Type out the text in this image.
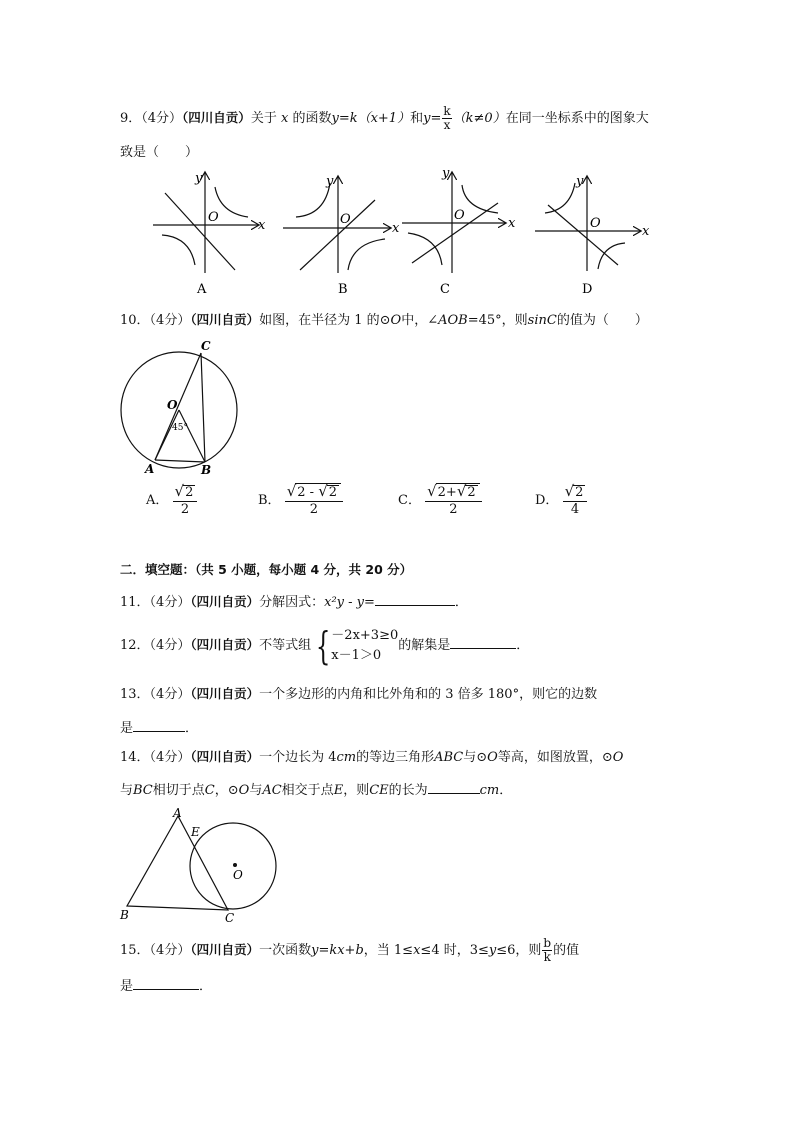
9．（4分）（四川自贡）关于 x 的函数y=k（x+1）和$y= \frac{k}{x} (k\ne 0)$在同一坐标系中的图象大
致是（　　）
x
y
O
A
x
y
O
B
x
y
O
C
x
y
O
D
10．（4分）（四川自贡）如图，在半径为 1 的⊙O中，∠AOB=45°，则sinC的值为（　　）
C
O
45°
A	B
A． $\frac{√2}{2}$	B． $\frac{√2 - √2}{2}$	C． $\frac{√2+√2}{2}$	D． $\frac{√2}{4}$
二．填空题：（共 5 小题，每小题 4 分，共 20 分）
11．（4分）（四川自贡）分解因式：x²y - y=	．
12．（4分）（四川自贡）不等式组 { －2x+3≥0
x－1＞0
的解集是	．
13．（4分）（四川自贡）一个多边形的内角和比外角和的 3 倍多 180°，则它的边数
是	．
14．（4分）（四川自贡）一个边长为 4cm的等边三角形ABC与⊙O等高，如图放置，⊙O
与BC相切于点C，⊙O与AC相交于点E，则CE的长为	cm．
A
E
O
B	C
15．（4分）（四川自贡）一次函数y=kx+b，当 1≤x≤4 时，3≤y≤6，则 $\frac{b}{k}$ 的值
是	．
